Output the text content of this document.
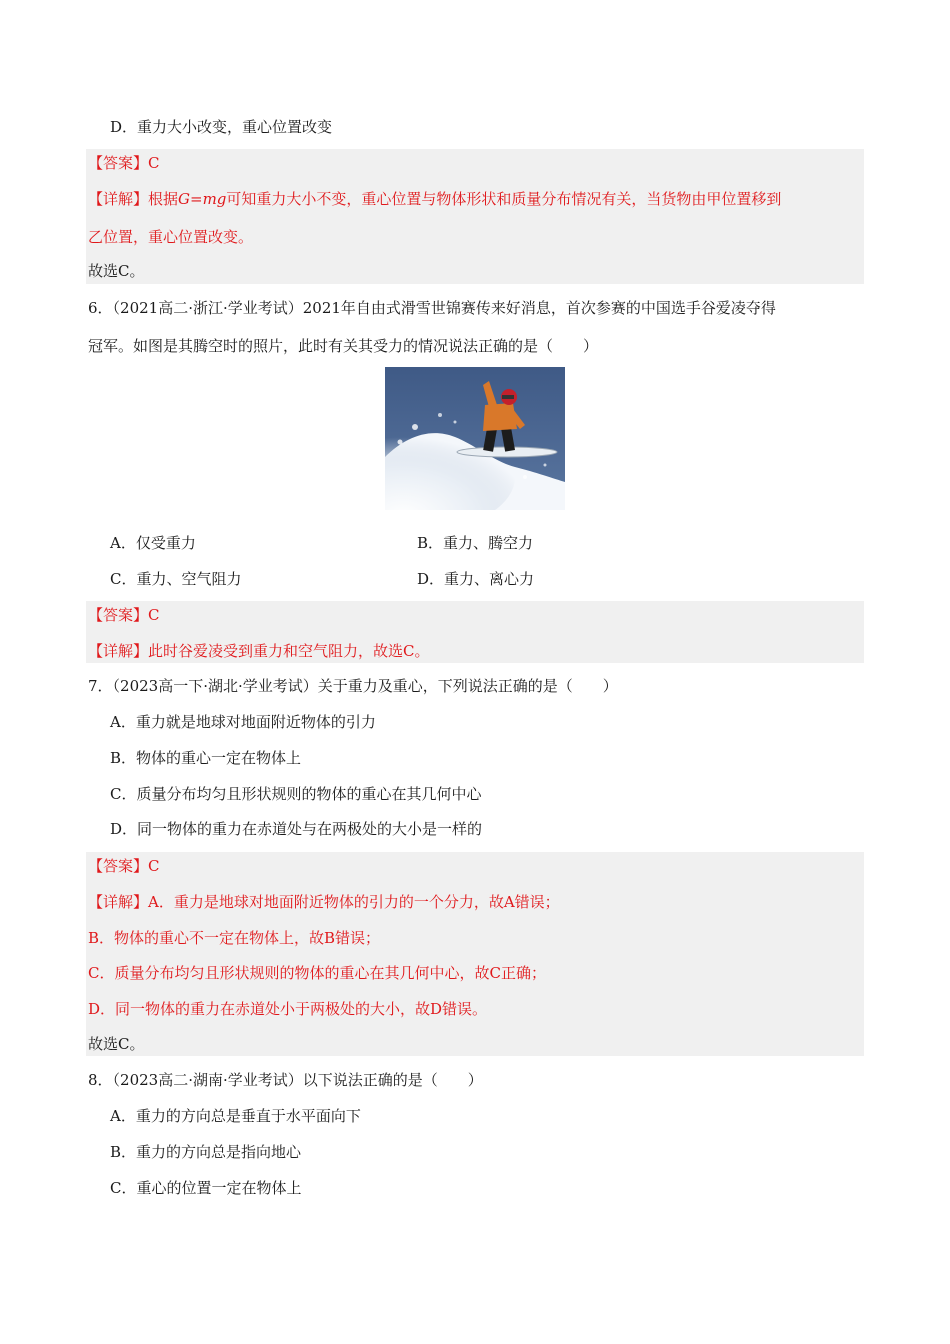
D．重力大小改变，重心位置改变
【答案】C
【详解】根据G=mg可知重力大小不变，重心位置与物体形状和质量分布情况有关，当货物由甲位置移到
乙位置，重心位置改变。
故选C。
6．（2021高二·浙江·学业考试）2021年自由式滑雪世锦赛传来好消息，首次参赛的中国选手谷爱凌夺得
冠军。如图是其腾空时的照片，此时有关其受力的情况说法正确的是（　　）
A．仅受重力	B．重力、腾空力
C．重力、空气阻力	D．重力、离心力
【答案】C
【详解】此时谷爱凌受到重力和空气阻力，故选C。
7．（2023高一下·湖北·学业考试）关于重力及重心，下列说法正确的是（　　）
A．重力就是地球对地面附近物体的引力
B．物体的重心一定在物体上
C．质量分布均匀且形状规则的物体的重心在其几何中心
D．同一物体的重力在赤道处与在两极处的大小是一样的
【答案】C
【详解】A．重力是地球对地面附近物体的引力的一个分力，故A错误；
B．物体的重心不一定在物体上，故B错误；
C．质量分布均匀且形状规则的物体的重心在其几何中心，故C正确；
D．同一物体的重力在赤道处小于两极处的大小，故D错误。
故选C。
8．（2023高二·湖南·学业考试）以下说法正确的是（　　）
A．重力的方向总是垂直于水平面向下
B．重力的方向总是指向地心
C．重心的位置一定在物体上
